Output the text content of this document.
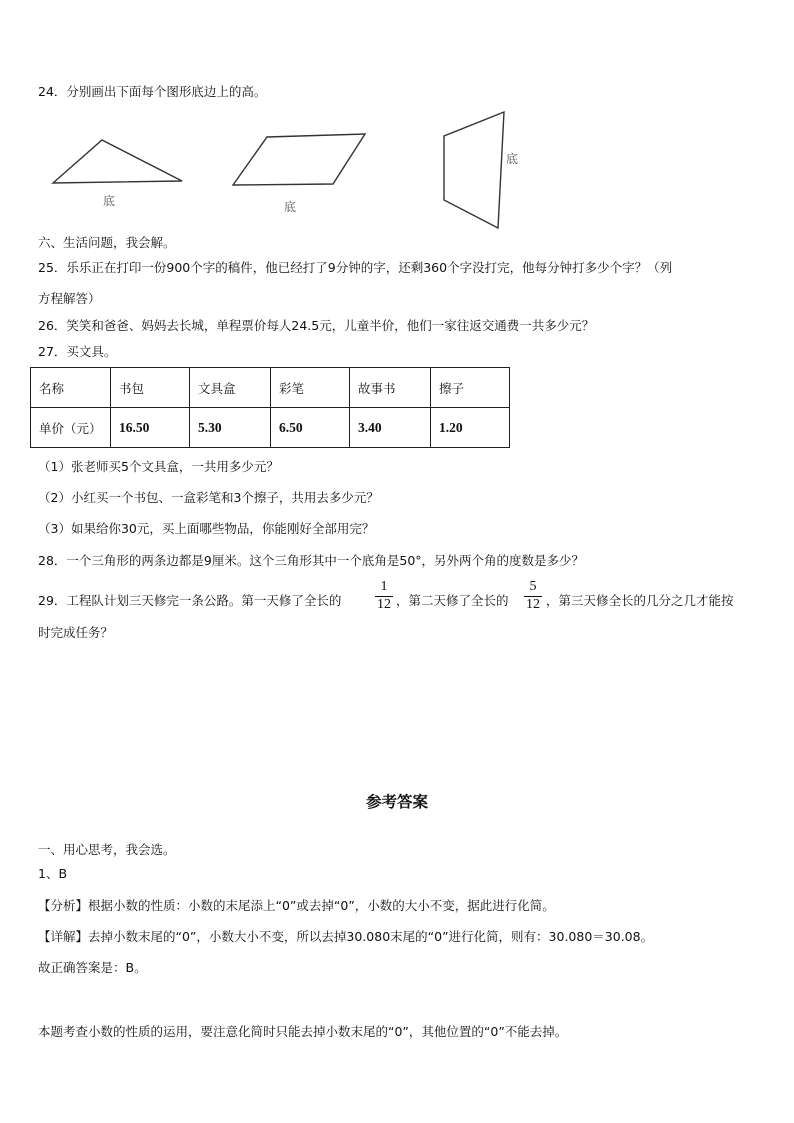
24．分别画出下面每个图形底边上的高。
底	底
底
六、生活问题，我会解。
25．乐乐正在打印一份900个字的稿件，他已经打了9分钟的字，还剩360个字没打完，他每分钟打多少个字？（列
方程解答）
26．笑笑和爸爸、妈妈去长城，单程票价每人24.5元，儿童半价，他们一家往返交通费一共多少元？
27．买文具。
名称	书包	文具盒	彩笔	故事书	擦子
单价（元）	16.50	5.30	6.50	3.40	1.20
（1）张老师买5个文具盒，一共用多少元？
（2）小红买一个书包、一盒彩笔和3个擦子，共用去多少元？
（3）如果给你30元，买上面哪些物品，你能刚好全部用完？
28．一个三角形的两条边都是9厘米。这个三角形其中一个底角是50°，另外两个角的度数是多少？
29．工程队计划三天修完一条公路。第一天修了全长的
1
12 ，第二天修了全长的
5
12 ，第三天修全长的几分之几才能按
时完成任务？
参考答案
一、用心思考，我会选。
1、B
【分析】根据小数的性质：小数的末尾添上“0”或去掉“0”，小数的大小不变，据此进行化简。
【详解】去掉小数末尾的“0”，小数大小不变，所以去掉30.080末尾的“0”进行化简，则有：30.080＝30.08。
故正确答案是：B。
本题考查小数的性质的运用，要注意化简时只能去掉小数末尾的“0”，其他位置的“0”不能去掉。
